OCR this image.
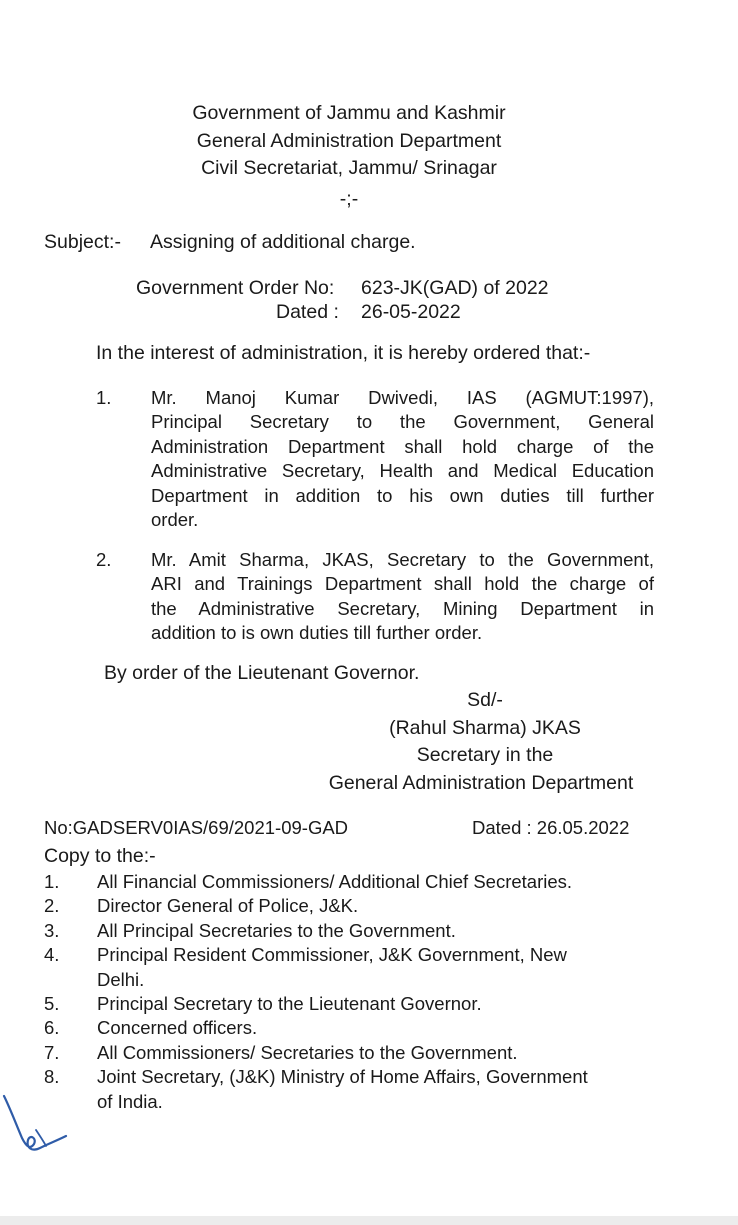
Government of Jammu and Kashmir
General Administration Department
Civil Secretariat, Jammu/ Srinagar
-;-
Subject:- Assigning of additional charge.
Government Order No: 623-JK(GAD) of 2022
Dated : 26-05-2022
In the interest of administration, it is hereby ordered that:-
1. Mr. Manoj Kumar Dwivedi, IAS (AGMUT:1997),
Principal Secretary to the Government, General
Administration Department shall hold charge of the
Administrative Secretary, Health and Medical Education
Department in addition to his own duties till further
order.
2. Mr. Amit Sharma, JKAS, Secretary to the Government,
ARI and Trainings Department shall hold the charge of
the Administrative Secretary, Mining Department in
addition to is own duties till further order.
By order of the Lieutenant Governor.
Sd/-
(Rahul Sharma) JKAS
Secretary in the
General Administration Department
No:GADSERV0IAS/69/2021-09-GAD	Dated : 26.05.2022
Copy to the:-
1. All Financial Commissioners/ Additional Chief Secretaries.
2. Director General of Police, J&K.
3. All Principal Secretaries to the Government.
4. Principal Resident Commissioner, J&K Government, New
Delhi.
5. Principal Secretary to the Lieutenant Governor.
6. Concerned officers.
7. All Commissioners/ Secretaries to the Government.
8. Joint Secretary, (J&K) Ministry of Home Affairs, Government
of India.
